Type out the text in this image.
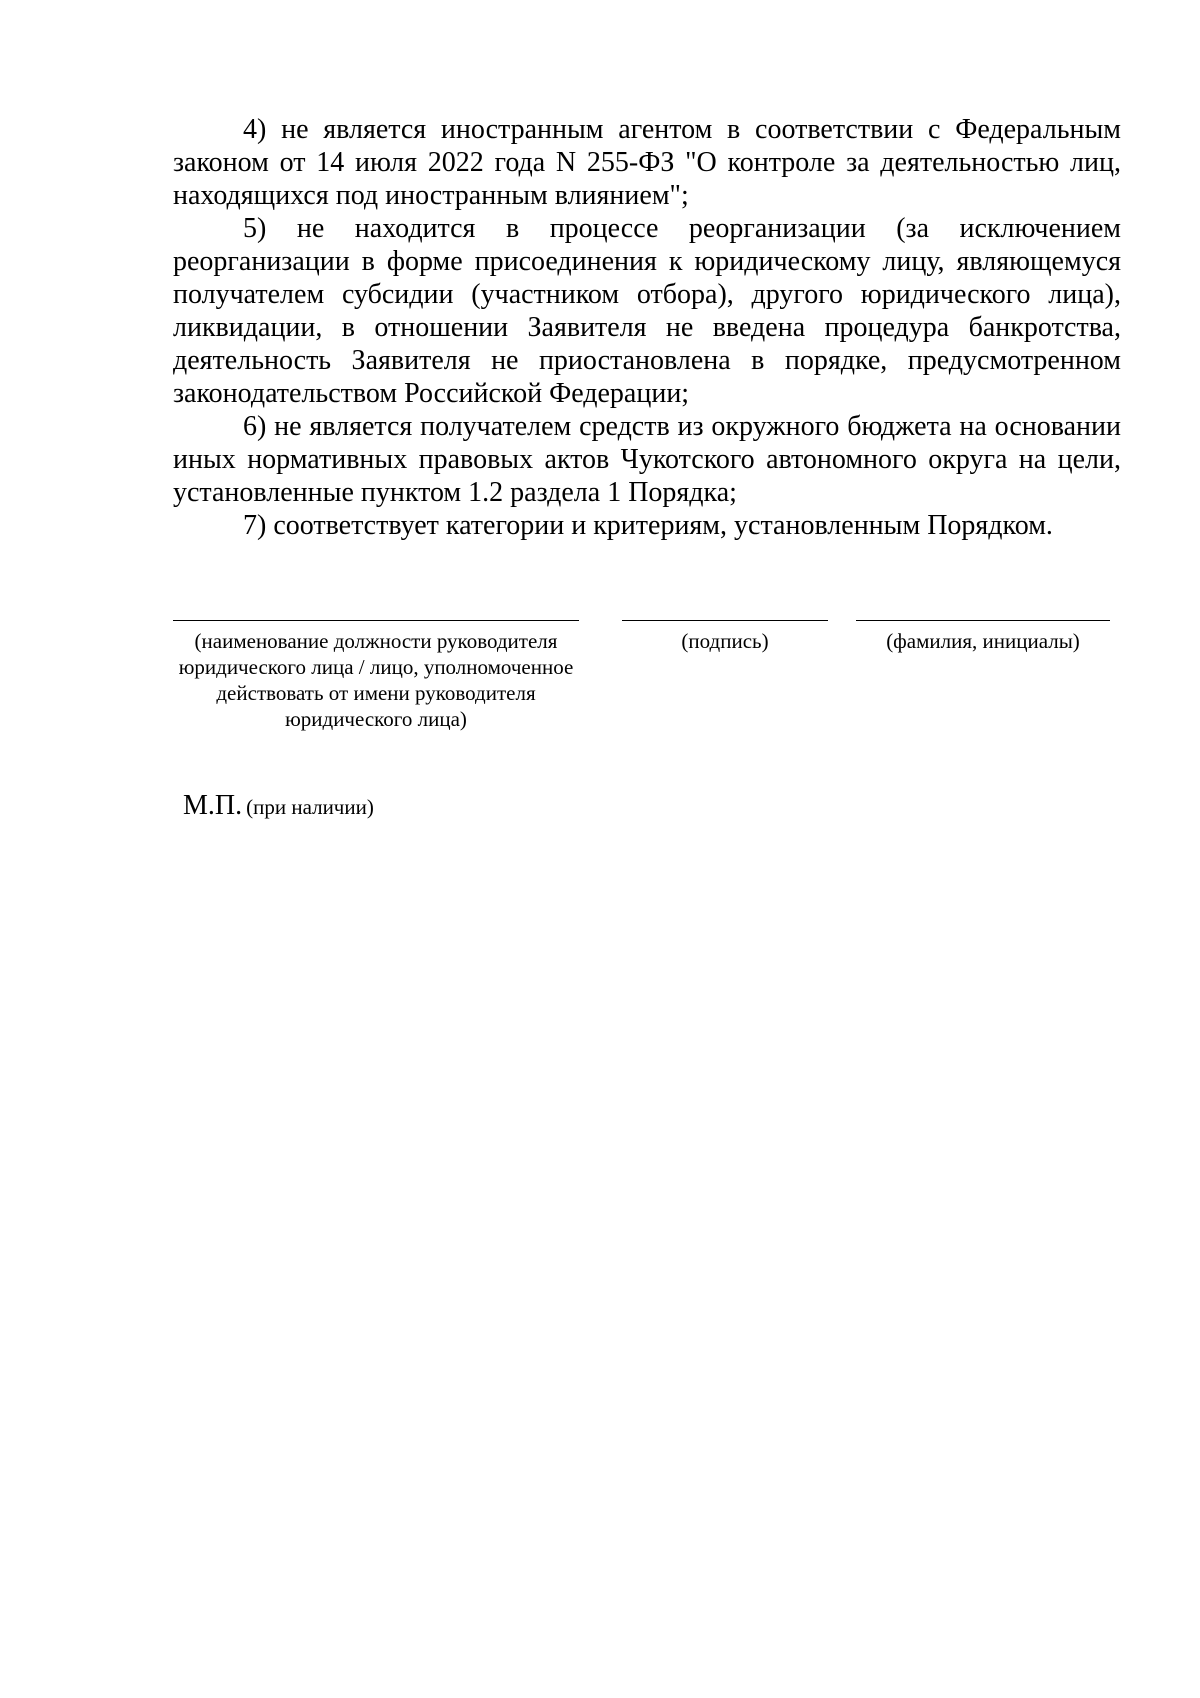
4) не является иностранным агентом в соответствии с Федеральным законом от 14 июля 2022 года N 255-ФЗ "О контроле за деятельностью лиц, находящихся под иностранным влиянием";

5) не находится в процессе реорганизации (за исключением реорганизации в форме присоединения к юридическому лицу, являющемуся получателем субсидии (участником отбора), другого юридического лица), ликвидации, в отношении Заявителя не введена процедура банкротства, деятельность Заявителя не приостановлена в порядке, предусмотренном законодательством Российской Федерации;

6) не является получателем средств из окружного бюджета на основании иных нормативных правовых актов Чукотского автономного округа на цели, установленные пунктом 1.2 раздела 1 Порядка;

7) соответствует категории и критериям, установленным Порядком.

(наименование должности руководителя юридического лица / лицо, уполномоченное действовать от имени руководителя юридического лица)
(подпись)	(фамилия, инициалы)
М.П. (при наличии)
